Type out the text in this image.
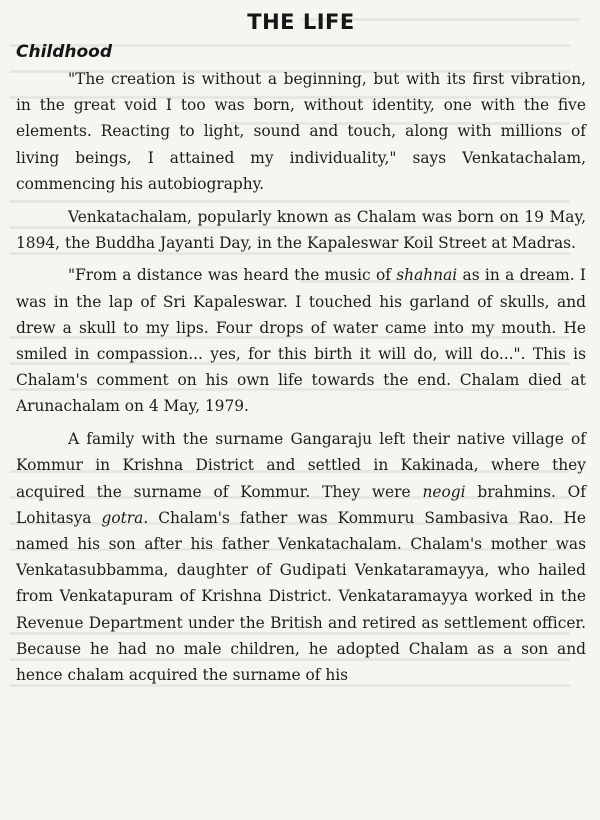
THE LIFE
Childhood

"The creation is without a beginning, but with its first vibration, in the great void I too was born, without identity, one with the five elements. Reacting to light, sound and touch, along with millions of living beings, I attained my individuality," says Venkatachalam, commencing his autobiography.

Venkatachalam, popularly known as Chalam was born on 19 May, 1894, the Buddha Jayanti Day, in the Kapaleswar Koil Street at Madras.

"From a distance was heard the music of shahnai as in a dream. I was in the lap of Sri Kapaleswar. I touched his garland of skulls, and drew a skull to my lips. Four drops of water came into my mouth. He smiled in compassion... yes, for this birth it will do, will do...". This is Chalam's comment on his own life towards the end. Chalam died at Arunachalam on 4 May, 1979.

A family with the surname Gangaraju left their native village of Kommur in Krishna District and settled in Kakinada, where they acquired the surname of Kommur. They were neogi brahmins. Of Lohitasya gotra. Chalam's father was Kommuru Sambasiva Rao. He named his son after his father Venkatachalam. Chalam's mother was Venkatasubbamma, daughter of Gudipati Venkataramayya, who hailed from Venkatapuram of Krishna District. Venkataramayya worked in the Revenue Department under the British and retired as settlement officer. Because he had no male children, he adopted Chalam as a son and hence chalam acquired the surname of his
